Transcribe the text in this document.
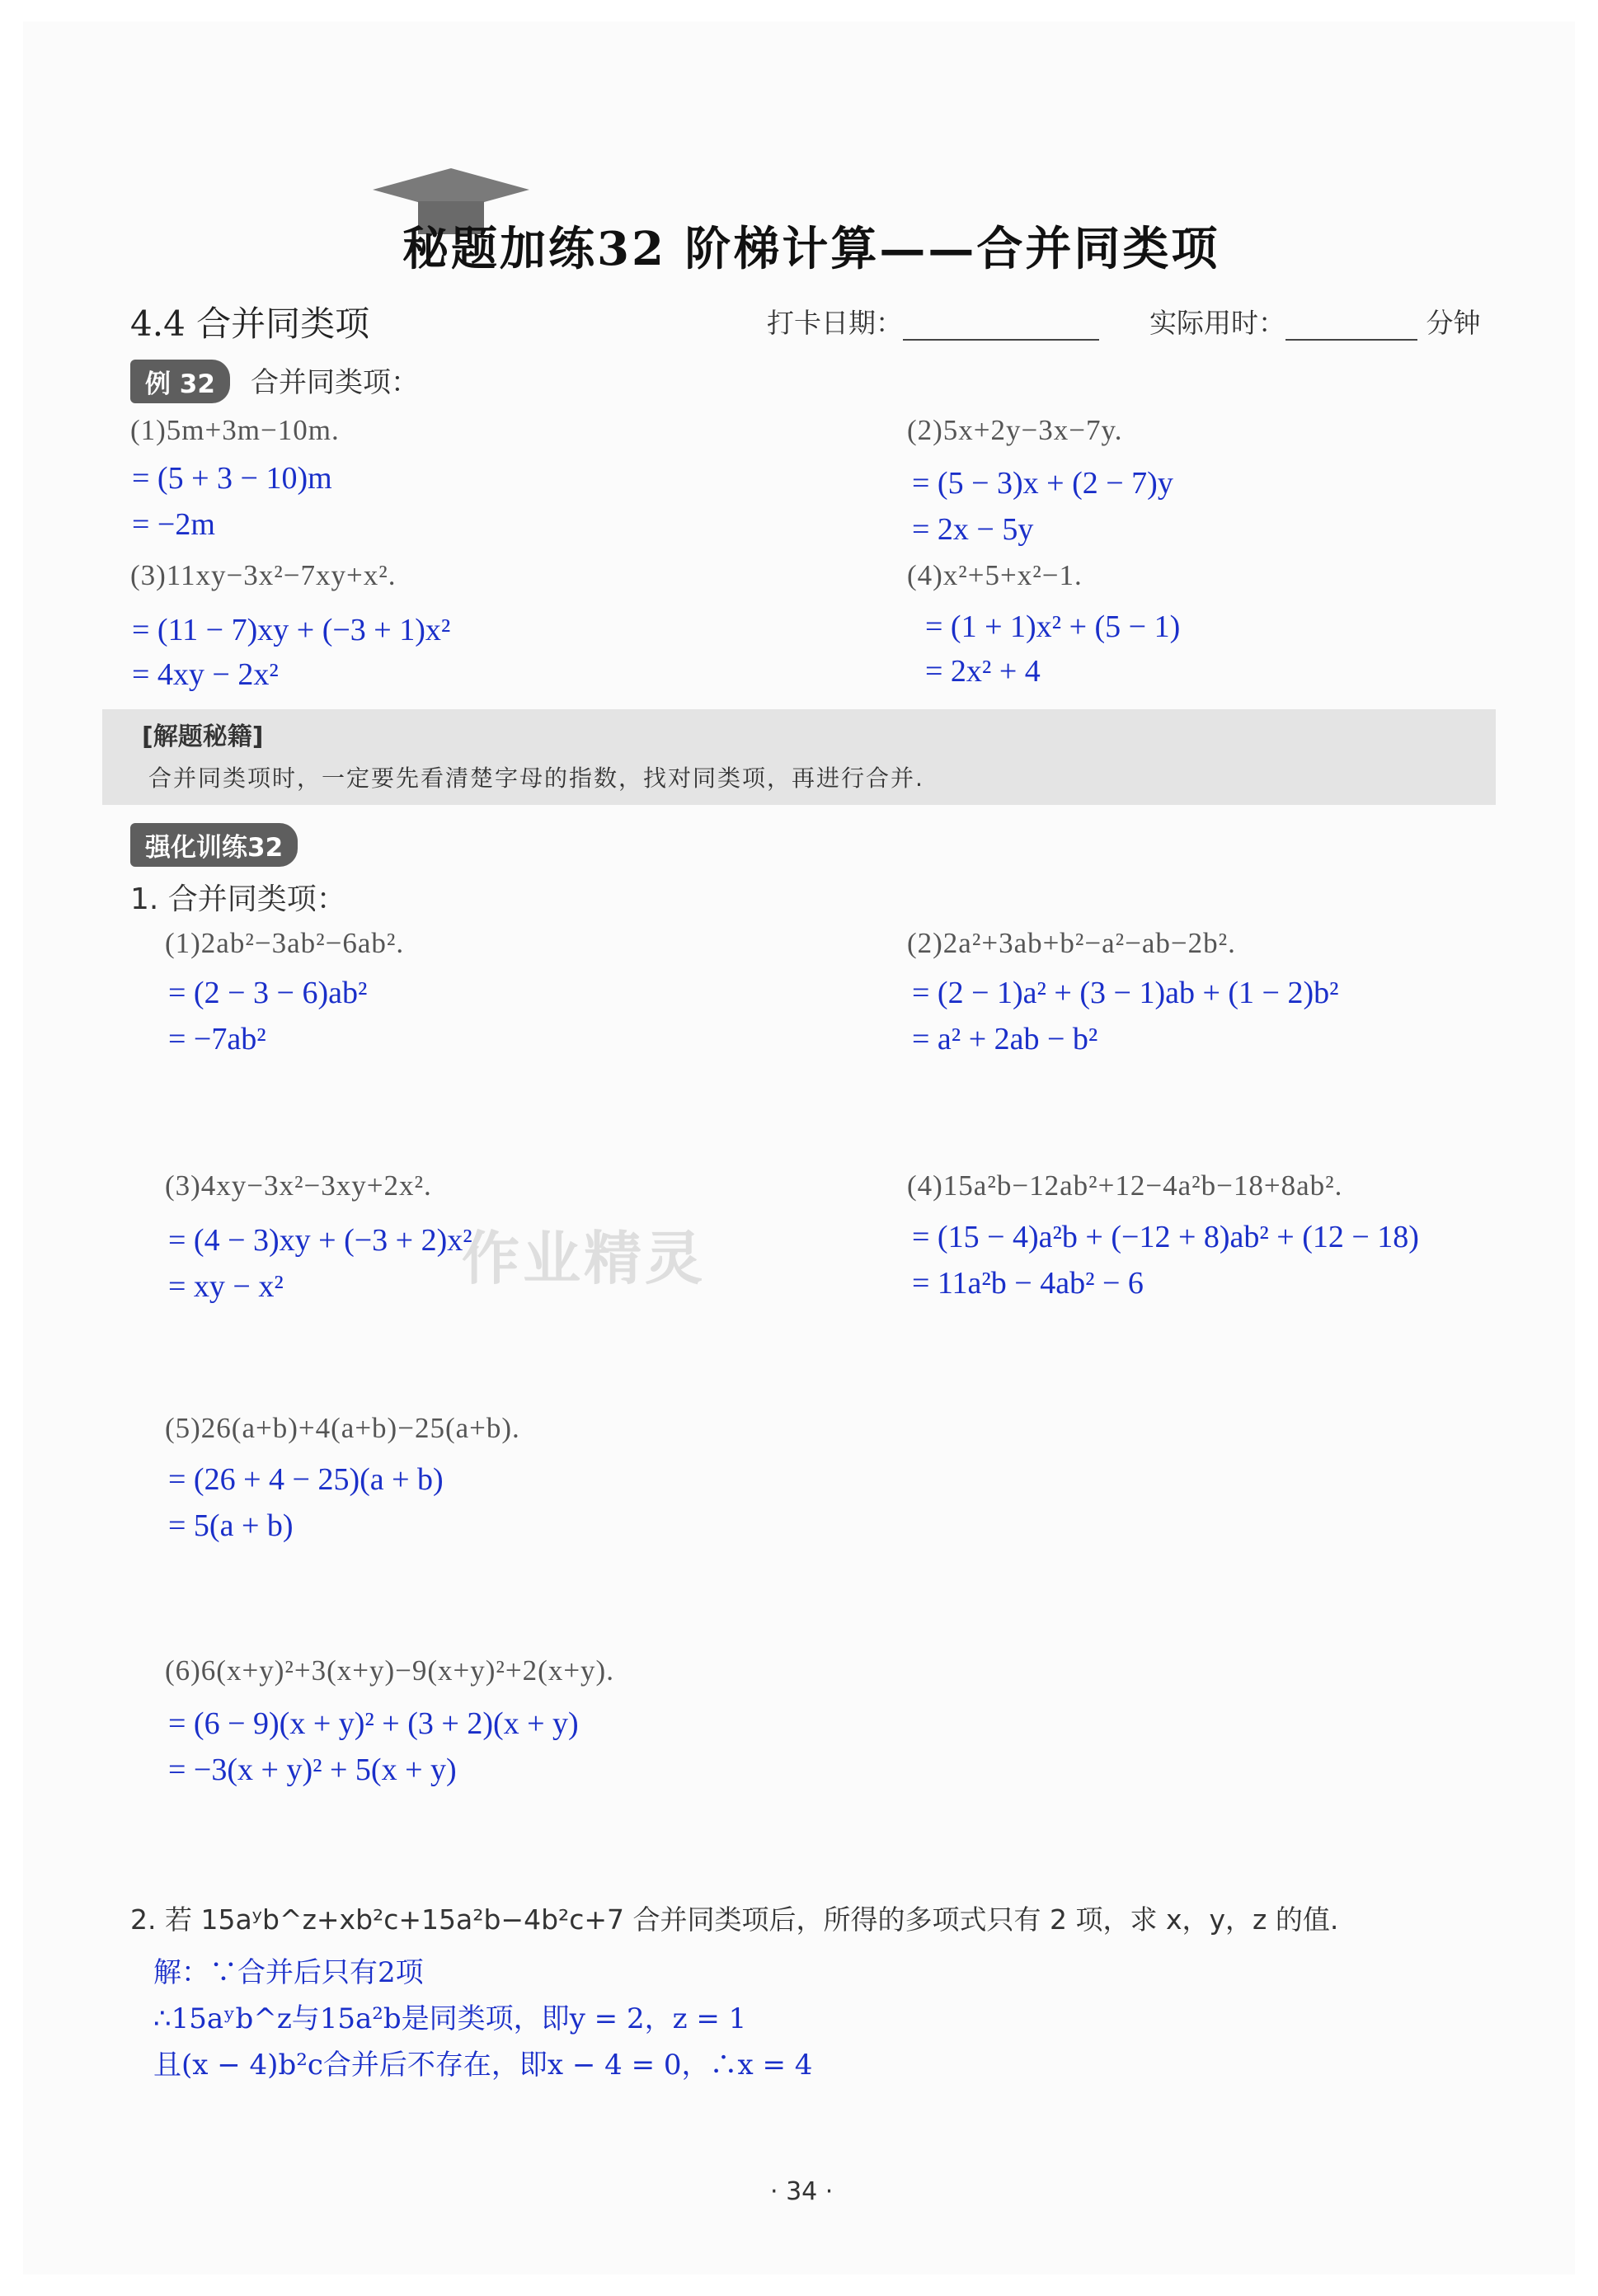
秘题加练32 阶梯计算——合并同类项
4.4 合并同类项	打卡日期：	实际用时：	分钟
例 32	合并同类项：
(1)5m+3m−10m.
= (5 + 3 − 10)m
= −2m
(2)5x+2y−3x−7y.
= (5 − 3)x + (2 − 7)y
= 2x − 5y
(3)11xy−3x²−7xy+x².
= (11 − 7)xy + (−3 + 1)x²
= 4xy − 2x²
(4)x²+5+x²−1.
= (1 + 1)x² + (5 − 1)
= 2x² + 4
[解题秘籍]
合并同类项时，一定要先看清楚字母的指数，找对同类项，再进行合并.
强化训练32
1. 合并同类项：
(1)2ab²−3ab²−6ab².
= (2 − 3 − 6)ab²
= −7ab²
(2)2a²+3ab+b²−a²−ab−2b².
= (2 − 1)a² + (3 − 1)ab + (1 − 2)b²
= a² + 2ab − b²
(3)4xy−3x²−3xy+2x².
= (4 − 3)xy + (−3 + 2)x²
= xy − x²
(4)15a²b−12ab²+12−4a²b−18+8ab².
= (15 − 4)a²b + (−12 + 8)ab² + (12 − 18)
= 11a²b − 4ab² − 6
(5)26(a+b)+4(a+b)−25(a+b).
= (26 + 4 − 25)(a + b)
= 5(a + b)
(6)6(x+y)²+3(x+y)−9(x+y)²+2(x+y).
= (6 − 9)(x + y)² + (3 + 2)(x + y)
= −3(x + y)² + 5(x + y)
2. 若 15aʸb^z+xb²c+15a²b−4b²c+7 合并同类项后，所得的多项式只有 2 项，求 x，y，z 的值.
解：∵合并后只有2项
∴15aʸb^z与15a²b是同类项，即y = 2，z = 1
且(x − 4)b²c合并后不存在，即x − 4 = 0，∴x = 4
· 34 ·
作业精灵
